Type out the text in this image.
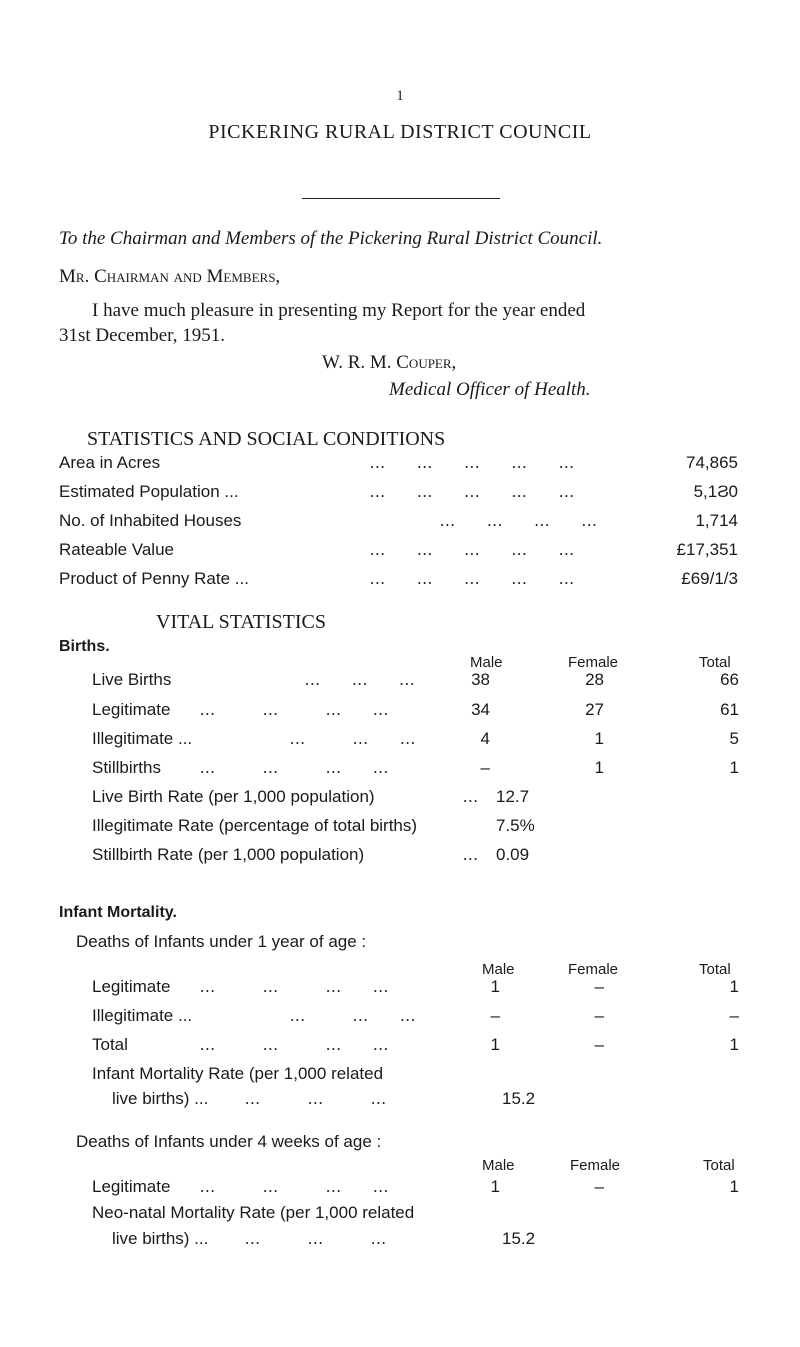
1
PICKERING RURAL DISTRICT COUNCIL
To the Chairman and Members of the Pickering Rural District Council.
Mr. Chairman and Members,
I have much pleasure in presenting my Report for the year ended
31st December, 1951.
W. R. M. Couper,
Medical Officer of Health.
STATISTICS AND SOCIAL CONDITIONS
Area in Acres	...      ...      ...      ...      ...	74,865
Estimated Population ...	...      ...      ...      ...      ...	5,1Ϩ0
No. of Inhabited Houses	...      ...      ...      ...	1,714
Rateable Value	...      ...      ...      ...      ...	£17,351
Product of Penny Rate ...	...      ...      ...      ...      ...	£69/1/3
VITAL STATISTICS
Births.
Male	Female	Total
Live Births	...      ...      ...	38	28	66
Legitimate ...         ...         ...      ...	34	27	61
Illegitimate ...	...         ...      ...	4	1	5
Stillbirths ...         ...         ...      ...	–	1	1
Live Birth Rate (per 1,000 population)	... 12.7
Illegitimate Rate (percentage of total births)	7.5%
Stillbirth Rate (per 1,000 population)	... 0.09
Infant Mortality.
Deaths of Infants under 1 year of age :
Male	Female	Total
Legitimate ...         ...         ...      ...	1	–	1
Illegitimate ...	...         ...      ...	–	–	–
Total	...         ...         ...      ...	1	–	1
Infant Mortality Rate (per 1,000 related
live births) ... ...         ...         ...	15.2
Deaths of Infants under 4 weeks of age :
Male	Female	Total
Legitimate ...         ...         ...      ...	1	–	1
Neo-natal Mortality Rate (per 1,000 related
live births) ... ...         ...         ...	15.2
